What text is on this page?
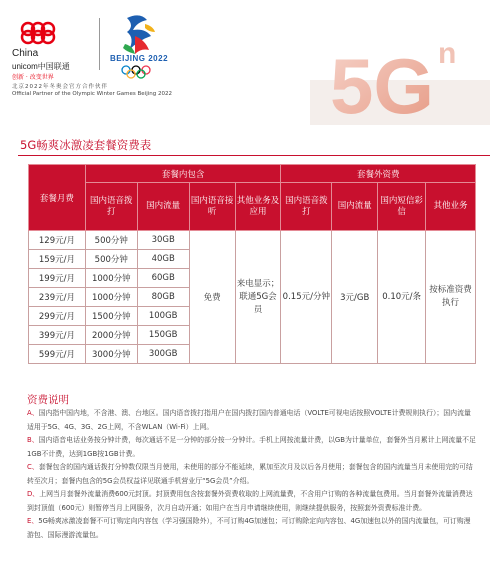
China
unicom中国联通
创新 · 改变世界
BEIJING 2022
北京2022年冬奥会官方合作伙伴
Official Partner of the Olympic Winter Games Beijing 2022 5G n
5G畅爽冰激凌套餐资费表
套餐月费	套餐内包含				套餐外资费			
	国内语音拨打	国内流量	国内语音接听	其他业务及应用	国内语音拨打	国内流量	国内短信彩信	其他业务
129元/月	500分钟	30GB	免费	来电显示；联通5G会员	0.15元/分钟	3元/GB	0.10元/条	按标准资费执行
159元/月	500分钟	40GB						
199元/月	1000分钟	60GB						
239元/月	1000分钟	80GB						
299元/月	1500分钟	100GB						
399元/月	2000分钟	150GB						
599元/月	3000分钟	300GB						
资费说明

A、国内指中国内地，不含港、澳、台地区。国内语音拨打指用户在国内拨打国内普通电话（VOLTE可视电话按照VOLTE计费规则执行）；国内流量适用于5G、4G、3G、2G上网，不含WLAN（Wi-Fi）上网。

B、国内语音电话业务按分钟计费，每次通话不足一分钟的部分按一分钟计。手机上网按流量计费，以GB为计量单位，套餐外当月累计上网流量不足1GB不计费，达到1GB按1GB计费。

C、套餐包含的国内通话拨打分钟数仅限当月使用，未使用的部分不能延续，累加至次月及以后各月使用；套餐包含的国内流量当月未使用完的可结转至次月；套餐内包含的5G会员权益详见联通手机营业厅“5G会员”介绍。

D、上网当月套餐外流量消费600元封顶。封顶费用包含按套餐外资费收取的上网流量费，不含用户订购的各种流量包费用。当月套餐外流量消费达到封顶值（600元）则暂停当月上网服务，次月自动开通；如用户在当月申请继续使用，则继续提供服务，按照套外资费标准计费。

E、5G畅爽冰激凌套餐不可订购定向内容包（学习强国除外），不可订购4G加速包；可订购除定向内容包、4G加速包以外的国内流量包，可订购漫游包、国际漫游流量包。
